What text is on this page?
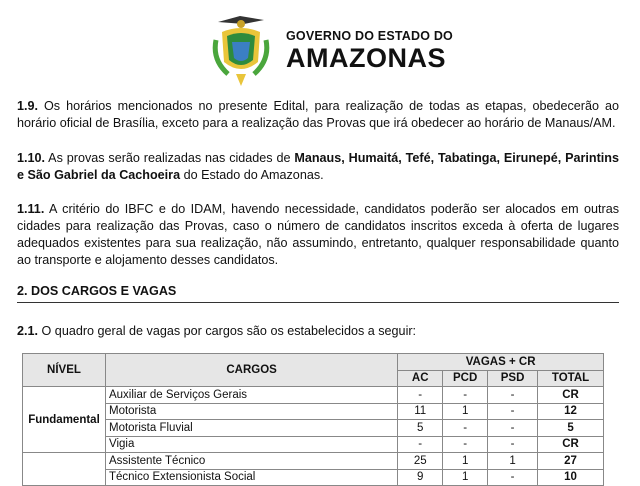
GOVERNO DO ESTADO DO
AMAZONAS
1.9. Os horários mencionados no presente Edital, para realização de todas as etapas, obedecerão ao horário oficial de Brasília, exceto para a realização das Provas que irá obedecer ao horário de Manaus/AM.
1.10. As provas serão realizadas nas cidades de Manaus, Humaitá, Tefé, Tabatinga, Eirunepé, Parintins e São Gabriel da Cachoeira do Estado do Amazonas.
1.11. A critério do IBFC e do IDAM, havendo necessidade, candidatos poderão ser alocados em outras cidades para realização das Provas, caso o número de candidatos inscritos exceda à oferta de lugares adequados existentes para sua realização, não assumindo, entretanto, qualquer responsabilidade quanto ao transporte e alojamento desses candidatos.
2. DOS CARGOS E VAGAS
2.1. O quadro geral de vagas por cargos são os estabelecidos a seguir:
NÍVEL	CARGOS	VAGAS + CR			
		AC	PCD	PSD	TOTAL
Fundamental	Auxiliar de Serviços Gerais	-	-	-	CR
	Motorista	11	1	-	12
	Motorista Fluvial	5	-	-	5
	Vigia	-	-	-	CR
	Assistente Técnico	25	1	1	27
	Técnico Extensionista Social	9	1	-	10
